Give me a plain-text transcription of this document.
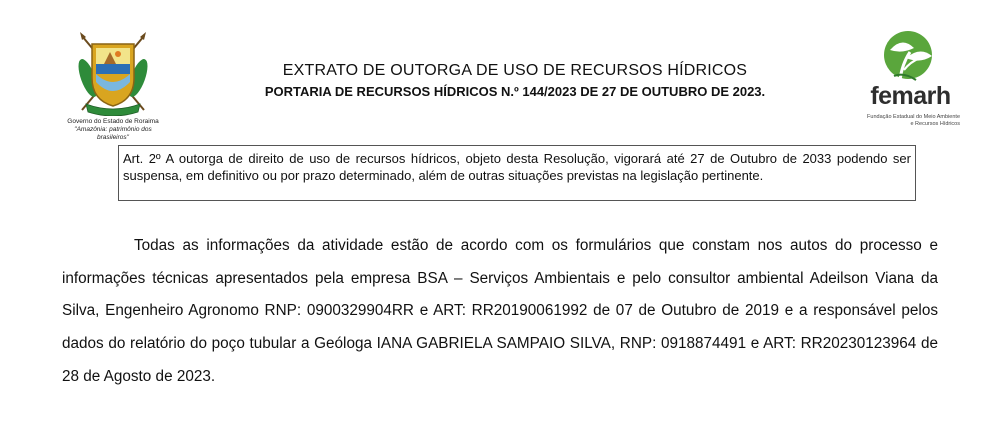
Governo do Estado de Roraima
"Amazônia: patrimônio dos brasileiros"
EXTRATO DE OUTORGA DE USO DE RECURSOS HÍDRICOS
PORTARIA DE RECURSOS HÍDRICOS N.º 144/2023 DE 27 DE OUTUBRO DE 2023.	femarh
Fundação Estadual do Meio Ambiente
e Recursos Hídricos
Art. 2º A outorga de direito de uso de recursos hídricos, objeto desta Resolução, vigorará até 27 de Outubro de 2033 podendo ser suspensa, em definitivo ou por prazo determinado, além de outras situações previstas na legislação pertinente.
Todas as informações da atividade estão de acordo com os formulários que constam nos autos do processo e informações técnicas apresentados pela empresa BSA – Serviços Ambientais e pelo consultor ambiental Adeilson Viana da Silva, Engenheiro Agronomo RNP: 0900329904RR e ART: RR20190061992 de 07 de Outubro de 2019 e a responsável pelos dados do relatório do poço tubular a Geóloga IANA GABRIELA SAMPAIO SILVA, RNP: 0918874491 e ART: RR20230123964 de 28 de Agosto de 2023.
